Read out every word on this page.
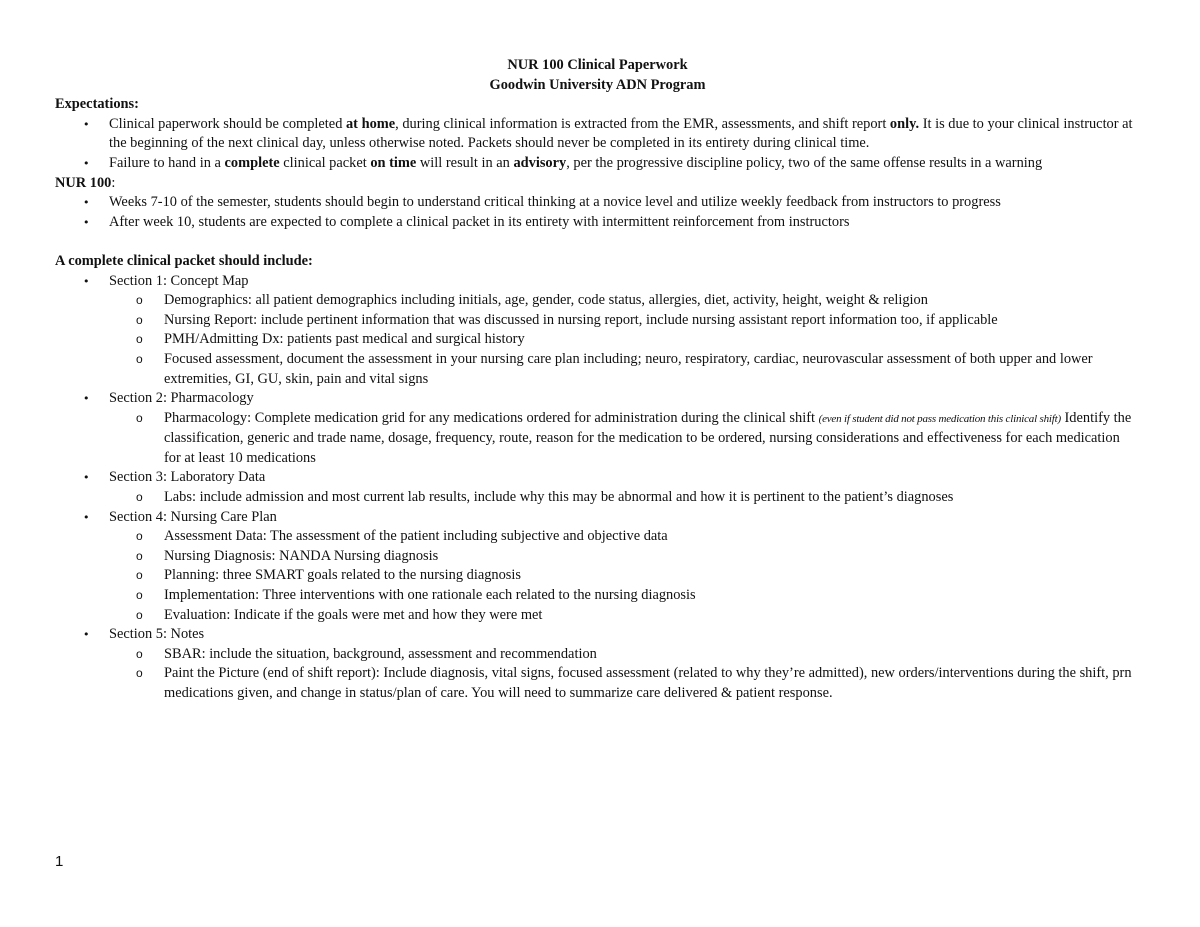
NUR 100 Clinical Paperwork

Goodwin University ADN Program

Expectations:

• Clinical paperwork should be completed at home, during clinical information is extracted from the EMR, assessments, and shift report only. It is due to your clinical instructor at the beginning of the next clinical day, unless otherwise noted. Packets should never be completed in its entirety during clinical time.
• Failure to hand in a complete clinical packet on time will result in an advisory, per the progressive discipline policy, two of the same offense results in a warning

NUR 100:

• Weeks 7-10 of the semester, students should begin to understand critical thinking at a novice level and utilize weekly feedback from instructors to progress
• After week 10, students are expected to complete a clinical packet in its entirety with intermittent reinforcement from instructors

A complete clinical packet should include:

• Section 1: Concept Map
o Demographics: all patient demographics including initials, age, gender, code status, allergies, diet, activity, height, weight & religion
o Nursing Report: include pertinent information that was discussed in nursing report, include nursing assistant report information too, if applicable
o PMH/Admitting Dx: patients past medical and surgical history
o Focused assessment, document the assessment in your nursing care plan including; neuro, respiratory, cardiac, neurovascular assessment of both upper and lower extremities, GI, GU, skin, pain and vital signs
• Section 2: Pharmacology
o Pharmacology: Complete medication grid for any medications ordered for administration during the clinical shift (even if student did not pass medication this clinical shift) Identify the classification, generic and trade name, dosage, frequency, route, reason for the medication to be ordered, nursing considerations and effectiveness for each medication for at least 10 medications
• Section 3: Laboratory Data
o Labs: include admission and most current lab results, include why this may be abnormal and how it is pertinent to the patient’s diagnoses
• Section 4: Nursing Care Plan
o Assessment Data: The assessment of the patient including subjective and objective data
o Nursing Diagnosis: NANDA Nursing diagnosis
o Planning: three SMART goals related to the nursing diagnosis
o Implementation: Three interventions with one rationale each related to the nursing diagnosis
o Evaluation: Indicate if the goals were met and how they were met
• Section 5: Notes
o SBAR: include the situation, background, assessment and recommendation
o Paint the Picture (end of shift report): Include diagnosis, vital signs, focused assessment (related to why they’re admitted), new orders/interventions during the shift, prn medications given, and change in status/plan of care. You will need to summarize care delivered & patient response.
1
